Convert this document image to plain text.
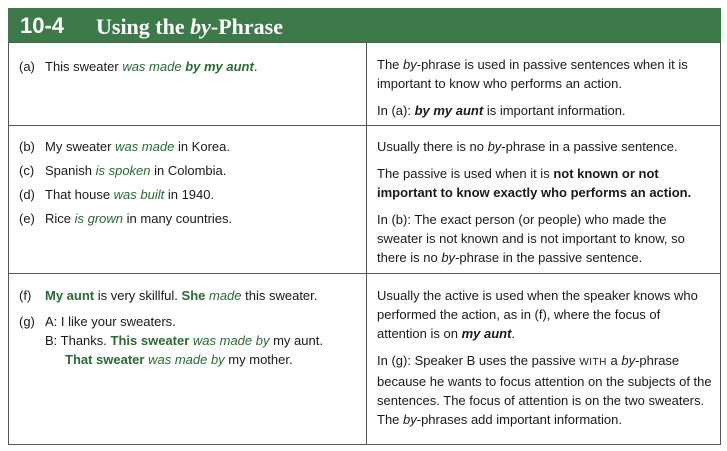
10-4 Using the by-Phrase
(a) This sweater was made by my aunt.	The by-phrase is used in passive sentences when it is important to know who performs an action.

In (a): by my aunt is important information.

(b) My sweater was made in Korea.
(c) Spanish is spoken in Colombia.
(d) That house was built in 1940.
(e) Rice is grown in many countries.

Usually there is no by-phrase in a passive sentence.

The passive is used when it is not known or not important to know exactly who performs an action.

In (b): The exact person (or people) who made the sweater is not known and is not important to know, so there is no by-phrase in the passive sentence.

(f) My aunt is very skillful. She made this sweater.
(g) A: I like your sweaters.
B: Thanks. This sweater was made by my aunt.
That sweater was made by my mother.

Usually the active is used when the speaker knows who performed the action, as in (f), where the focus of attention is on my aunt.

In (g): Speaker B uses the passive WITH a by-phrase because he wants to focus attention on the subjects of the sentences. The focus of attention is on the two sweaters. The by-phrases add important information.
